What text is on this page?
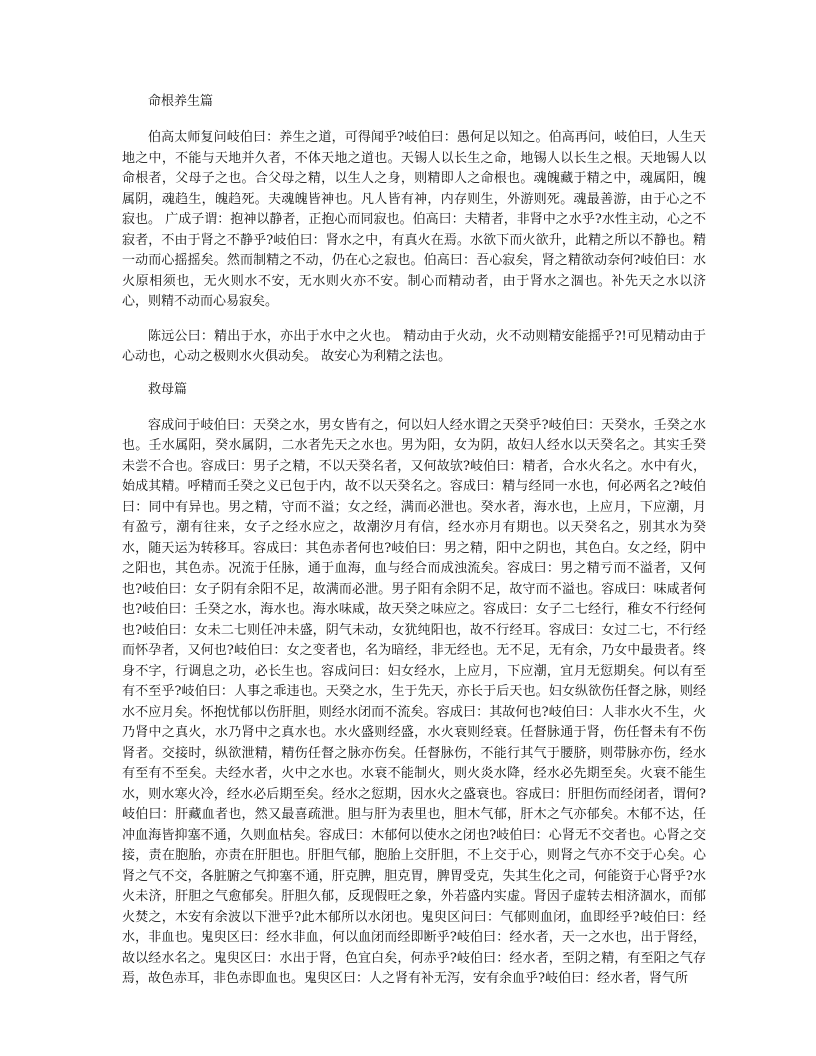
命根养生篇

伯高太师复问岐伯曰：养生之道，可得闻乎?岐伯曰：愚何足以知之。伯高再问，岐伯曰，人生天地之中，不能与天地并久者，不体天地之道也。天锡人以长生之命，地锡人以长生之根。天地锡人以命根者，父母子之也。合父母之精，以生人之身，则精即人之命根也。魂魄藏于精之中，魂属阳，魄属阴，魂趋生，魄趋死。夫魂魄皆神也。凡人皆有神，内存则生，外游则死。魂最善游，由于心之不寂也。 广成子谓：抱神以静者，正抱心而同寂也。伯高曰：夫精者，非肾中之水乎?水性主动，心之不寂者，不由于肾之不静乎?岐伯曰：肾水之中，有真火在焉。水欲下而火欲升，此精之所以不静也。精一动而心摇摇矣。然而制精之不动，仍在心之寂也。伯高曰：吾心寂矣，肾之精欲动奈何?岐伯曰：水火原相须也，无火则水不安，无水则火亦不安。制心而精动者，由于肾水之涸也。补先天之水以济心，则精不动而心易寂矣。

陈远公曰：精出于水，亦出于水中之火也。 精动由于火动，火不动则精安能摇乎?!可见精动由于心动也，心动之极则水火俱动矣。 故安心为利精之法也。

救母篇

容成问于岐伯曰：天癸之水，男女皆有之，何以妇人经水谓之天癸乎?岐伯曰：天癸水，壬癸之水也。壬水属阳，癸水属阴，二水者先天之水也。男为阳，女为阴，故妇人经水以天癸名之。其实壬癸未尝不合也。容成曰：男子之精，不以天癸名者，又何故欤?岐伯曰：精者，合水火名之。水中有火，始成其精。呼精而壬癸之义已包于内，故不以天癸名之。容成曰：精与经同一水也，何必两名之?岐伯曰：同中有异也。男之精，守而不溢；女之经，满而必泄也。癸水者，海水也，上应月，下应潮，月有盈亏，潮有往来，女子之经水应之，故潮汐月有信，经水亦月有期也。以天癸名之，别其水为癸水，随天运为转移耳。容成曰：其色赤者何也?岐伯曰：男之精，阳中之阴也，其色白。女之经，阴中之阳也，其色赤。况流于任脉，通于血海，血与经合而成浊流矣。容成曰：男之精亏而不溢者，又何也?岐伯曰：女子阴有余阳不足，故满而必泄。男子阳有余阴不足，故守而不溢也。容成曰：味咸者何也?岐伯曰：壬癸之水，海水也。海水味咸，故天癸之味应之。容成曰：女子二七经行，稚女不行经何也?岐伯曰：女未二七则任冲未盛，阴气未动，女犹纯阳也，故不行经耳。容成曰：女过二七，不行经而怀孕者，又何也?岐伯曰：女之变者也，名为暗经，非无经也。无不足，无有余，乃女中最贵者。终身不字，行调息之功，必长生也。容成问曰：妇女经水，上应月，下应潮，宜月无愆期矣。何以有至有不至乎?岐伯曰：人事之乖违也。天癸之水，生于先天，亦长于后天也。妇女纵欲伤任督之脉，则经水不应月矣。怀抱忧郁以伤肝胆，则经水闭而不流矣。容成曰：其故何也?岐伯曰：人非水火不生，火乃肾中之真火，水乃肾中之真水也。水火盛则经盛，水火衰则经衰。任督脉通于肾，伤任督未有不伤肾者。交接时，纵欲泄精，精伤任督之脉亦伤矣。任督脉伤，不能行其气于腰脐，则带脉亦伤，经水有至有不至矣。夫经水者，火中之水也。水衰不能制火，则火炎水降，经水必先期至矣。火衰不能生水，则水寒火冷，经水必后期至矣。经水之愆期，因水火之盛衰也。容成曰：肝胆伤而经闭者，谓何?岐伯曰：肝藏血者也，然又最喜疏泄。胆与肝为表里也，胆木气郁，肝木之气亦郁矣。木郁不达，任冲血海皆抑塞不通，久则血枯矣。容成曰：木郁何以使水之闭也?岐伯曰：心肾无不交者也。心肾之交接，责在胞胎，亦责在肝胆也。肝胆气郁，胞胎上交肝胆，不上交于心，则肾之气亦不交于心矣。心肾之气不交，各脏腑之气抑塞不通，肝克脾，胆克胃，脾胃受克，失其生化之司，何能资于心肾乎?水火未济，肝胆之气愈郁矣。肝胆久郁，反现假旺之象，外若盛内实虚。肾因子虚转去相济涸水，而郁火焚之，木安有余波以下泄乎?此木郁所以水闭也。鬼臾区问曰：气郁则血闭，血即经乎?岐伯曰：经水，非血也。鬼臾区曰：经水非血，何以血闭而经即断乎?岐伯曰：经水者，天一之水也，出于肾经，故以经水名之。鬼臾区曰：水出于肾，色宜白矣，何赤乎?岐伯曰：经水者，至阴之精，有至阳之气存焉，故色赤耳，非色赤即血也。鬼臾区曰：人之肾有补无泻，安有余血乎?岐伯曰：经水者，肾气所
